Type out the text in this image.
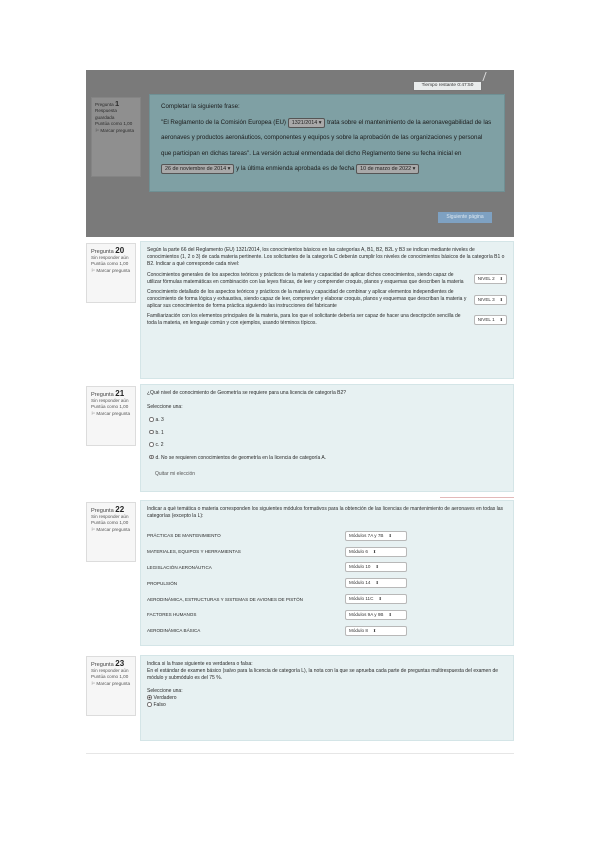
Tiempo restante 0:47:50
Pregunta 1
Respuesta guardada
Puntúa como 1,00
⚐ Marcar pregunta
Completar la siguiente frase:
"El Reglamento de la Comisión Europea (EU) 1321/2014 ▾ trata sobre el mantenimiento de la aeronavegabilidad de las aeronaves y productos aeronáuticos, componentes y equipos y sobre la aprobación de las organizaciones y personal que participan en dichas tareas". La versión actual enmendada del dicho Reglamento tiene su fecha inicial en 26 de noviembre de 2014 ▾ y la última enmienda aprobada es de fecha 10 de marzo de 2022 ▾
Siguiente página
Pregunta 20
Sin responder aún
Puntúa como 1,00
⚐ Marcar pregunta
Según la parte 66 del Reglamento (EU) 1321/2014, los conocimientos básicos en las categorías A, B1, B2, B2L y B3 se indican mediante niveles de conocimientos (1, 2 o 3) de cada materia pertinente. Los solicitantes de la categoría C deberán cumplir los niveles de conocimientos básicos de la categoría B1 o B2. Indicar a qué corresponde cada nivel:
Conocimientos generales de los aspectos teóricos y prácticos de la materia y capacidad de aplicar dichos conocimientos, siendo capaz de utilizar fórmulas matemáticas en combinación con las leyes físicas, de leer y comprender croquis, planos y esquemas que describen la materia
NIVEL 2 ⬍
Conocimiento detallado de los aspectos teóricos y prácticos de la materia y capacidad de combinar y aplicar elementos independientes de conocimiento de forma lógica y exhaustiva, siendo capaz de leer, comprender y elaborar croquis, planos y esquemas que describan la materia y aplicar sus conocimientos de forma práctica siguiendo las instrucciones del fabricante
NIVEL 3 ⬍
Familiarización con los elementos principales de la materia, para los que el solicitante debería ser capaz de hacer una descripción sencilla de toda la materia, en lenguaje común y con ejemplos, usando términos típicos.
NIVEL 1 ⬍
Pregunta 21
Sin responder aún
Puntúa como 1,00
⚐ Marcar pregunta
¿Qué nivel de conocimiento de Geometría se requiere para una licencia de categoría B2?
Seleccione una:
a. 3
b. 1
c. 2
d. No se requieren conocimientos de geometría en la licencia de categoría A.
Quitar mi elección
Pregunta 22
Sin responder aún
Puntúa como 1,00
⚐ Marcar pregunta
Indicar a qué temática o materia corresponden los siguientes módulos formativos para la obtención de las licencias de mantenimiento de aeronaves en todas las categorías (excepto la L):
PRÁCTICAS DE MANTENIMIENTO	Módulos 7A y 7B ⬍
MATERIALES, EQUIPOS Y HERRAMIENTAS	Módulo 6 ⬍
LEGISLACIÓN AERONÁUTICA	Módulo 10 ⬍
PROPULSIÓN	Módulo 14 ⬍
AERODINÁMICA, ESTRUCTURAS Y SISTEMAS DE AVIONES DE PISTÓN	Módulo 11C ⬍
FACTORES HUMANOS	Módulos 9A y 9B ⬍
AERODINÁMICA BÁSICA	Módulo 8 ⬍
Pregunta 23
Sin responder aún
Puntúa como 1,00
⚐ Marcar pregunta
Indica si la frase siguiente es verdadera o falsa:
En el estándar de examen básico (salvo para la licencia de categoría L), la nota con la que se aprueba cada parte de preguntas multirespuesta del examen de módulo y submódulo es del 75 %.
Seleccione una:
Verdadero
Falso
